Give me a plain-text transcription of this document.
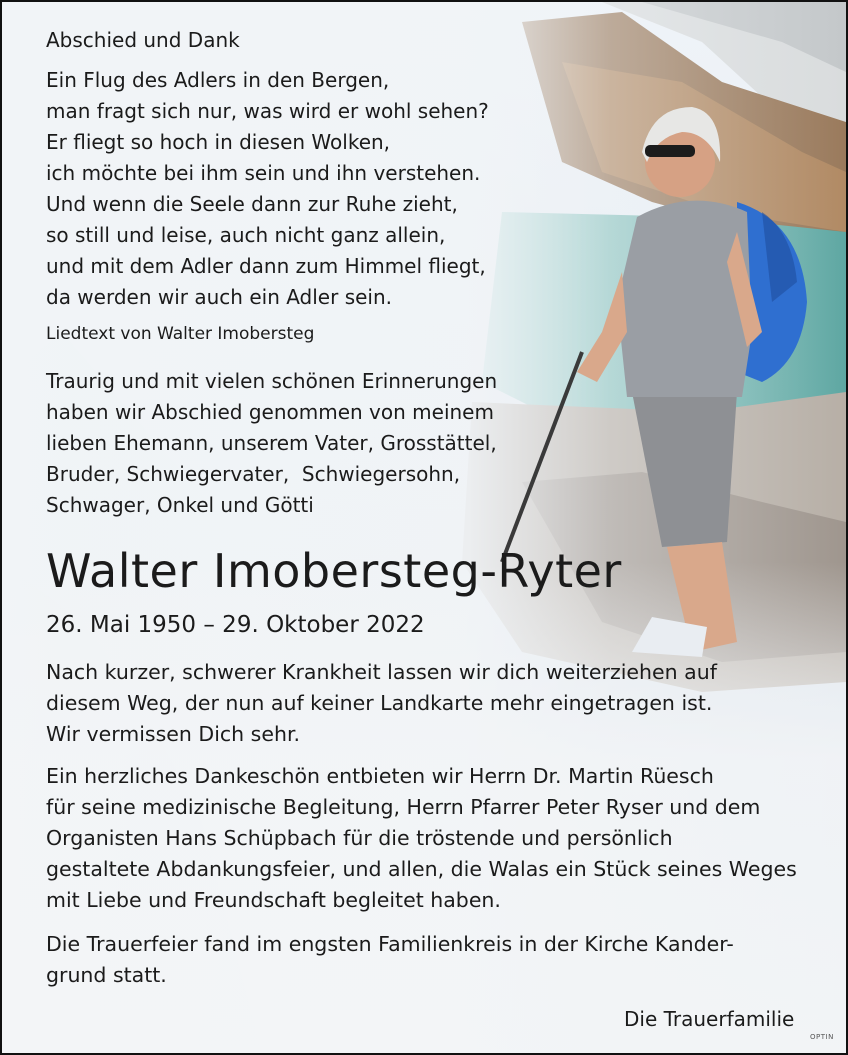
Abschied und Dank

Ein Flug des Adlers in den Bergen,
man fragt sich nur, was wird er wohl sehen?
Er fliegt so hoch in diesen Wolken,
ich möchte bei ihm sein und ihn verstehen.
Und wenn die Seele dann zur Ruhe zieht,
so still und leise, auch nicht ganz allein,
und mit dem Adler dann zum Himmel fliegt,
da werden wir auch ein Adler sein.

Liedtext von Walter Imobersteg

Traurig und mit vielen schönen Erinnerungen
haben wir Abschied genommen von meinem
lieben Ehemann, unserem Vater, Grosstättel,
Bruder, Schwiegervater,  Schwiegersohn,
Schwager, Onkel und Götti
Walter Imobersteg-Ryter

26. Mai 1950 – 29. Oktober 2022

Nach kurzer, schwerer Krankheit lassen wir dich weiterziehen auf
diesem Weg, der nun auf keiner Landkarte mehr eingetragen ist.
Wir vermissen Dich sehr.
Ein herzliches Dankeschön entbieten wir Herrn Dr. Martin Rüesch
für seine medizinische Begleitung, Herrn Pfarrer Peter Ryser und dem
Organisten Hans Schüpbach für die tröstende und persönlich
gestaltete Abdankungsfeier, und allen, die Walas ein Stück seines Weges
mit Liebe und Freundschaft begleitet haben.
Die Trauerfeier fand im engsten Familienkreis in der Kirche Kander-
grund statt.

Die Trauerfamilie

OPTIN
